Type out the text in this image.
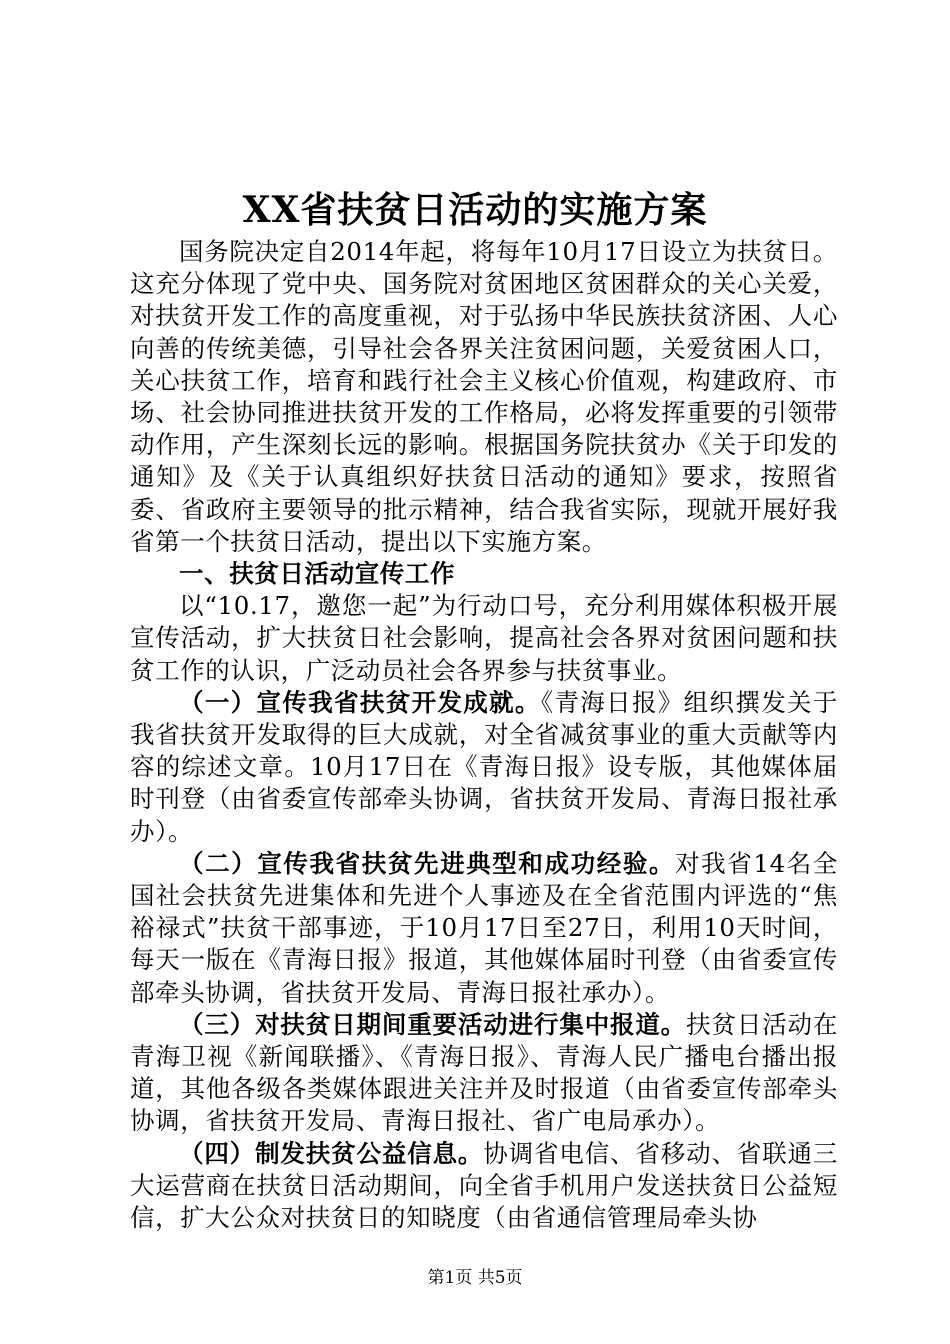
XX省扶贫日活动的实施方案

国务院决定自2014年起，将每年10月17日设立为扶贫日。这充分体现了党中央、国务院对贫困地区贫困群众的关心关爱，对扶贫开发工作的高度重视，对于弘扬中华民族扶贫济困、人心向善的传统美德，引导社会各界关注贫困问题，关爱贫困人口，关心扶贫工作，培育和践行社会主义核心价值观，构建政府、市场、社会协同推进扶贫开发的工作格局，必将发挥重要的引领带动作用，产生深刻长远的影响。根据国务院扶贫办《关于印发的通知》及《关于认真组织好扶贫日活动的通知》要求，按照省委、省政府主要领导的批示精神，结合我省实际，现就开展好我省第一个扶贫日活动，提出以下实施方案。

一、扶贫日活动宣传工作

以“10.17，邀您一起”为行动口号，充分利用媒体积极开展宣传活动，扩大扶贫日社会影响，提高社会各界对贫困问题和扶贫工作的认识，广泛动员社会各界参与扶贫事业。

（一）宣传我省扶贫开发成就。《青海日报》组织撰发关于我省扶贫开发取得的巨大成就，对全省减贫事业的重大贡献等内容的综述文章。10月17日在《青海日报》设专版，其他媒体届时刊登（由省委宣传部牵头协调，省扶贫开发局、青海日报社承办）。

（二）宣传我省扶贫先进典型和成功经验。对我省14名全国社会扶贫先进集体和先进个人事迹及在全省范围内评选的“焦裕禄式”扶贫干部事迹，于10月17日至27日，利用10天时间，每天一版在《青海日报》报道，其他媒体届时刊登（由省委宣传部牵头协调，省扶贫开发局、青海日报社承办）。

（三）对扶贫日期间重要活动进行集中报道。扶贫日活动在青海卫视《新闻联播》、《青海日报》、青海人民广播电台播出报道，其他各级各类媒体跟进关注并及时报道（由省委宣传部牵头协调，省扶贫开发局、青海日报社、省广电局承办）。

（四）制发扶贫公益信息。协调省电信、省移动、省联通三大运营商在扶贫日活动期间，向全省手机用户发送扶贫日公益短信，扩大公众对扶贫日的知晓度（由省通信管理局牵头协

第1页 共5页
